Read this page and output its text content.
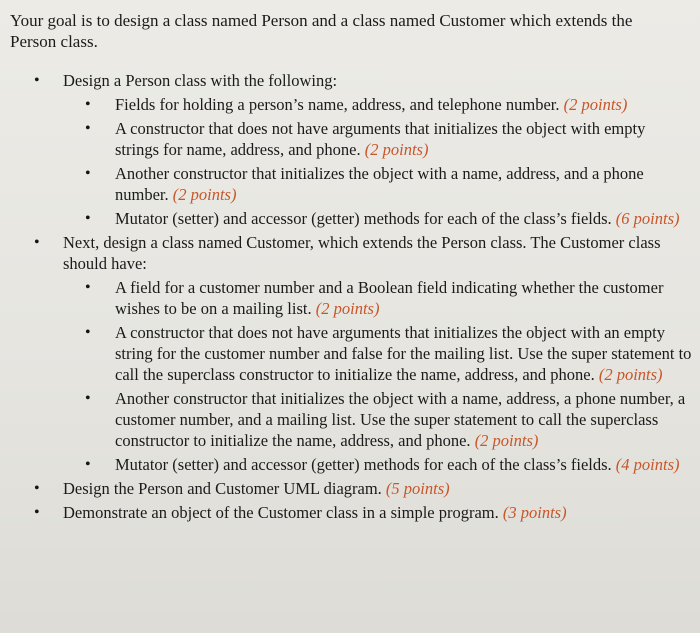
Your goal is to design a class named Person and a class named Customer which extends the Person class.

• Design a Person class with the following:
• Fields for holding a person’s name, address, and telephone number. (2 points)
• A constructor that does not have arguments that initializes the object with empty strings for name, address, and phone. (2 points)
• Another constructor that initializes the object with a name, address, and a phone number. (2 points)
• Mutator (setter) and accessor (getter) methods for each of the class’s fields. (6 points)
• Next, design a class named Customer, which extends the Person class. The Customer class should have:
• A field for a customer number and a Boolean field indicating whether the customer wishes to be on a mailing list. (2 points)
• A constructor that does not have arguments that initializes the object with an empty string for the customer number and false for the mailing list. Use the super statement to call the superclass constructor to initialize the name, address, and phone. (2 points)
• Another constructor that initializes the object with a name, address, a phone number, a customer number, and a mailing list. Use the super statement to call the superclass constructor to initialize the name, address, and phone. (2 points)
• Mutator (setter) and accessor (getter) methods for each of the class’s fields. (4 points)
• Design the Person and Customer UML diagram. (5 points)
• Demonstrate an object of the Customer class in a simple program. (3 points)
